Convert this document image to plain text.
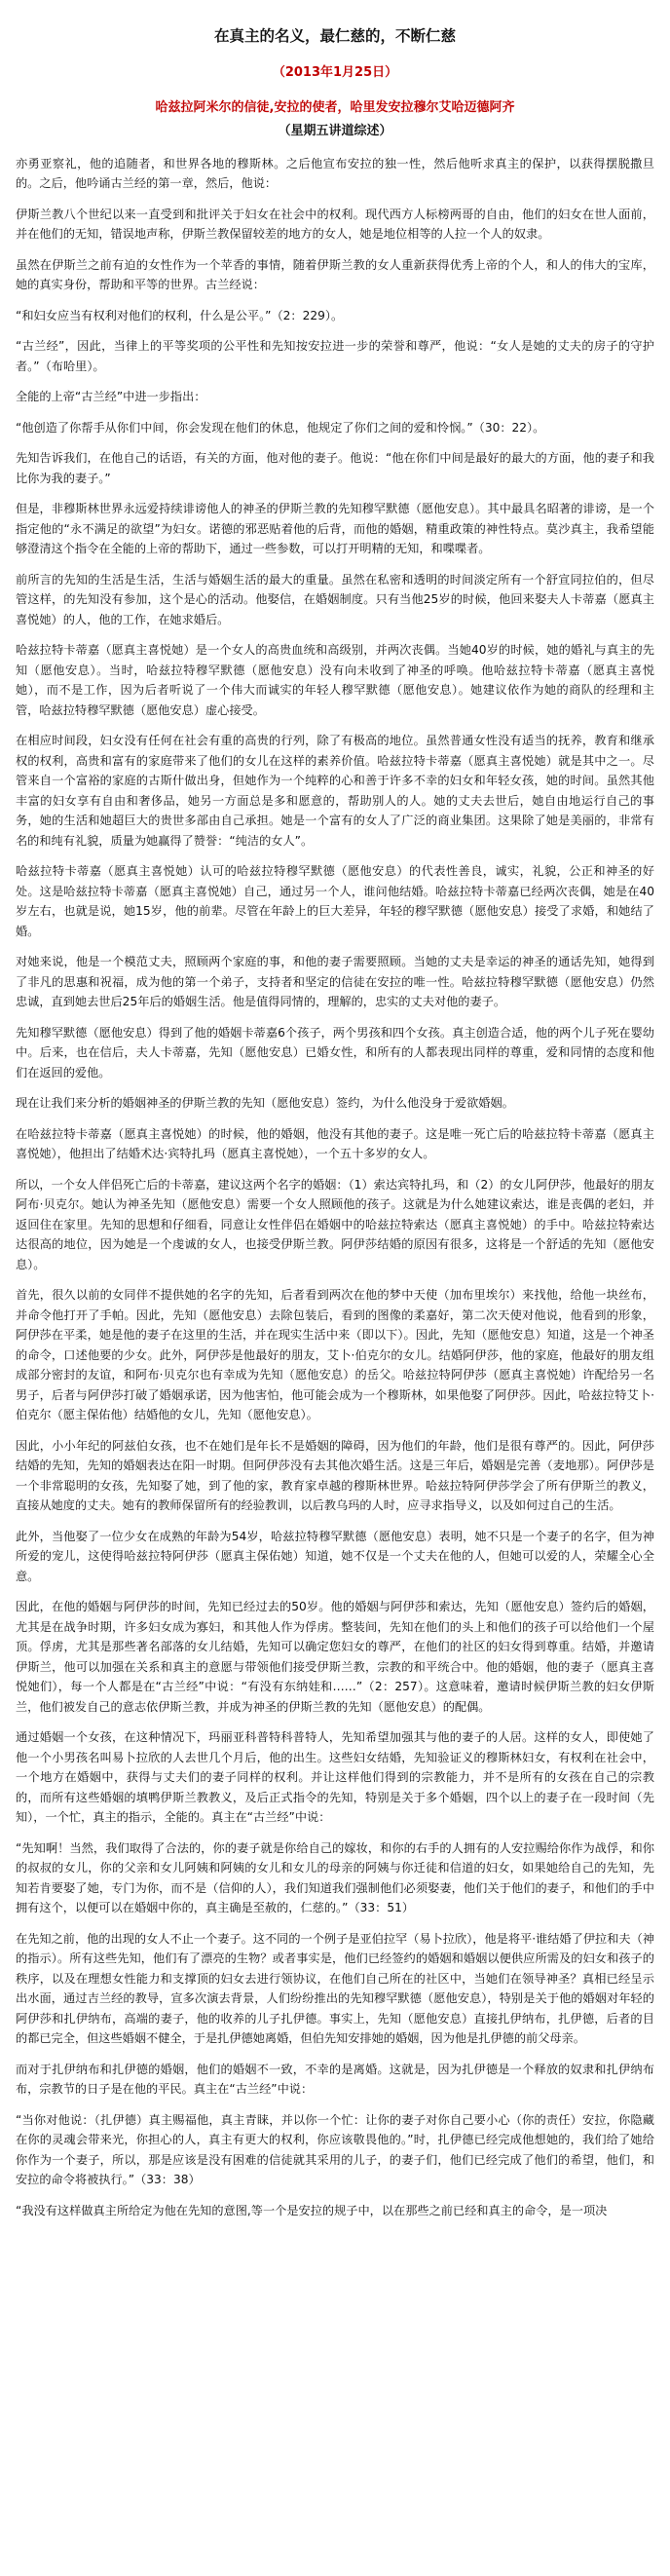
在真主的名义，最仁慈的，不断仁慈
（2013年1月25日）
哈兹拉阿米尔的信徒,安拉的使者，哈里发安拉穆尔艾哈迈德阿齐
（星期五讲道综述）

亦勇亚察礼，他的追随者，和世界各地的穆斯林。之后他宣布安拉的独一性，然后他听求真主的保护，以获得摆脱撒旦的。之后，他吟诵古兰经的第一章，然后，他说：

伊斯兰教八个世纪以来一直受到和批评关于妇女在社会中的权利。现代西方人标榜两哥的自由，他们的妇女在世人面前，并在他们的无知，错误地声称，伊斯兰教保留较差的地方的女人，她是地位相等的人拉一个人的奴隶。

虽然在伊斯兰之前有迫的女性作为一个苹香的事情，随着伊斯兰教的女人重新获得优秀上帝的个人，和人的伟大的宝库，她的真实身份，帮助和平等的世界。古兰经说：

“和妇女应当有权利对他们的权利，什么是公平。”（2：229）。

“古兰经”，因此，当律上的平等奖项的公平性和先知按安拉进一步的荣誉和尊严，他说：“女人是她的丈夫的房子的守护者。”（布哈里）。

全能的上帝“古兰经”中进一步指出：

“他创造了你帮手从你们中间，你会发现在他们的休息，他规定了你们之间的爱和怜悯。”（30：22）。

先知告诉我们，在他自己的话语，有关的方面，他对他的妻子。他说：“他在你们中间是最好的最大的方面，他的妻子和我比你为我的妻子。”

但是，非穆斯林世界永远爱持续诽谤他人的神圣的伊斯兰教的先知穆罕默德（愿他安息）。其中最具名昭著的诽谤，是一个指定他的“永不满足的欲望”为妇女。诺德的邪恶贴着他的后背，而他的婚姻，精重政策的神性特点。莫沙真主，我希望能够澄清这个指令在全能的上帝的帮助下，通过一些参数，可以打开明精的无知，和喋喋者。

前所言的先知的生活是生活，生活与婚姻生活的最大的重量。虽然在私密和透明的时间淡定所有一个舒宣同拉伯的，但尽管这样，的先知没有参加，这个是心的活动。他娶信，在婚姻制度。只有当他25岁的时候，他回来娶夫人卡蒂嘉（愿真主喜悦她）的人，他的工作，在她求婚后。

哈兹拉特卡蒂嘉（愿真主喜悦她）是一个女人的高贵血统和高级别，并两次丧偶。当她40岁的时候，她的婚礼与真主的先知（愿他安息）。当时，哈兹拉特穆罕默德（愿他安息）没有向未收到了神圣的呼唤。他哈兹拉特卡蒂嘉（愿真主喜悦她），而不是工作，因为后者听说了一个伟大而诚实的年轻人穆罕默德（愿他安息）。她建议依作为她的商队的经理和主管，哈兹拉特穆罕默德（愿他安息）虚心接受。

在相应时间段，妇女没有任何在社会有重的高贵的行列，除了有极高的地位。虽然普通女性没有适当的抚养，教育和继承权的权利，高贵和富有的家庭带来了他们的女儿在这样的素养价值。哈兹拉特卡蒂嘉（愿真主喜悦她）就是其中之一。尽管来自一个富裕的家庭的古斯什做出身，但她作为一个纯粹的心和善于许多不幸的妇女和年轻女孩，她的时间。虽然其他丰富的妇女享有自由和奢侈品，她另一方面总是多和愿意的，帮助别人的人。她的丈夫去世后，她自由地运行自己的事务，她的生活和她超巨大的贵世多部由自己承担。她是一个富有的女人了广泛的商业集团。这果除了她是美丽的，非常有名的和纯有礼貌，质量为她赢得了赞誉：“纯洁的女人”。

哈兹拉特卡蒂嘉（愿真主喜悦她）认可的哈兹拉特穆罕默德（愿他安息）的代表性善良，诚实，礼貌，公正和神圣的好处。这是哈兹拉特卡蒂嘉（愿真主喜悦她）自己，通过另一个人，谁问他结婚。哈兹拉特卡蒂嘉已经两次丧偶，她是在40岁左右，也就是说，她15岁，他的前辈。尽管在年龄上的巨大差异，年轻的穆罕默德（愿他安息）接受了求婚，和她结了婚。

对她来说，他是一个模范丈夫，照顾两个家庭的事，和他的妻子需要照顾。当她的丈夫是幸运的神圣的通话先知，她得到了非凡的思惠和祝福，成为他的第一个弟子，支持者和坚定的信徒在安拉的唯一性。哈兹拉特穆罕默德（愿他安息）仍然忠诚，直到她去世后25年后的婚姻生活。他是值得同情的，理解的，忠实的丈夫对他的妻子。

先知穆罕默德（愿他安息）得到了他的婚姻卡蒂嘉6个孩子，两个男孩和四个女孩。真主创造合适，他的两个儿子死在婴幼中。后来，也在信后，夫人卡蒂嘉，先知（愿他安息）已婚女性，和所有的人都表现出同样的尊重，爱和同情的态度和他们在返回的爱他。

现在让我们来分析的婚姻神圣的伊斯兰教的先知（愿他安息）签约，为什么他没身于爱欲婚姻。

在哈兹拉特卡蒂嘉（愿真主喜悦她）的时候，他的婚姻，他没有其他的妻子。这是唯一死亡后的哈兹拉特卡蒂嘉（愿真主喜悦她），他担出了结婚术达·宾特扎玛（愿真主喜悦她），一个五十多岁的女人。

所以，一个女人伴侣死亡后的卡蒂嘉，建议这两个名字的婚姻：（1）索达宾特扎玛，和（2）的女儿阿伊莎，他最好的朋友阿布·贝克尔。她认为神圣先知（愿他安息）需要一个女人照顾他的孩子。这就是为什么她建议索达，谁是丧偶的老妇，并返回住在家里。先知的思想和仔细看，同意让女性伴侣在婚姻中的哈兹拉特索达（愿真主喜悦她）的手中。哈兹拉特索达达很高的地位，因为她是一个虔诚的女人，也接受伊斯兰教。阿伊莎结婚的原因有很多，这将是一个舒适的先知（愿他安息）。

首先，很久以前的女同伴不提供她的名字的先知，后者看到两次在他的梦中天使（加布里埃尔）来找他，给他一块丝布，并命令他打开了手帕。因此，先知（愿他安息）去除包装后，看到的图像的柔嘉好，第二次天使对他说，他看到的形象，阿伊莎在平柔，她是他的妻子在这里的生活，并在现实生活中来（即以下）。因此，先知（愿他安息）知道，这是一个神圣的命令，口述他要的少女。此外，阿伊莎是他最好的朋友，艾卜·伯克尔的女儿。结婚阿伊莎，他的家庭，他最好的朋友组成部分密封的友谊，和阿布·贝克尔也有幸成为先知（愿他安息）的岳父。哈兹拉特阿伊莎（愿真主喜悦她）许配给另一名男子，后者与阿伊莎打破了婚姻承诺，因为他害怕，他可能会成为一个穆斯林，如果他娶了阿伊莎。因此，哈兹拉特艾卜·伯克尔（愿主保佑他）结婚他的女儿，先知（愿他安息）。

因此，小小年纪的阿兹伯女孩，也不在她们是年长不是婚姻的障碍，因为他们的年龄，他们是很有尊严的。因此，阿伊莎结婚的先知，先知的婚姻表达在阳一时期。但阿伊莎没有去其他次婚生活。这是三年后，婚姻是完善（麦地那）。阿伊莎是一个非常聪明的女孩，先知娶了她，到了他的家，教育家卓越的穆斯林世界。哈兹拉特阿伊莎学会了所有伊斯兰的教义，直接从她度的丈夫。她有的教师保留所有的经验教训，以后教乌玛的人时，应寻求指导义，以及如何过自己的生活。

此外，当他娶了一位少女在成熟的年龄为54岁，哈兹拉特穆罕默德（愿他安息）表明，她不只是一个妻子的名字，但为神所爱的宠儿，这使得哈兹拉特阿伊莎（愿真主保佑她）知道，她不仅是一个丈夫在他的人，但她可以爱的人，荣耀全心全意。

因此，在他的婚姻与阿伊莎的时间，先知已经过去的50岁。他的婚姻与阿伊莎和索达，先知（愿他安息）签约后的婚姻，尤其是在战争时期，许多妇女成为寡妇，和其他人作为俘虏。整装间，先知在他们的头上和他们的孩子可以给他们一个屋顶。俘虏，尤其是那些著名部落的女儿结婚，先知可以确定您妇女的尊严，在他们的社区的妇女得到尊重。结婚，并邀请伊斯兰，他可以加强在关系和真主的意愿与带领他们接受伊斯兰教，宗教的和平统合中。他的婚姻，他的妻子（愿真主喜悦她们），每一个人都是在“古兰经”中说：“有没有东纳娃和……”（2：257）。这意味着，邀请时候伊斯兰教的妇女伊斯兰，他们被发自己的意志依伊斯兰教，并成为神圣的伊斯兰教的先知（愿他安息）的配偶。

通过婚姻一个女孩，在这种情况下，玛丽亚科普特科普特人，先知希望加强其与他的妻子的人居。这样的女人，即使她了他一个小男孩名叫易卜拉欣的人去世几个月后，他的出生。这些妇女结婚，先知验证义的穆斯林妇女，有权利在社会中，一个地方在婚姻中，获得与丈夫们的妻子同样的权利。并让这样他们得到的宗教能力，并不是所有的女孩在自己的宗教的，而所有这些婚姻的填鸭伊斯兰教教义，及后正式指令的先知，特别是关于多个婚姻，四个以上的妻子在一段时间（先知），一个忙，真主的指示，全能的。真主在“古兰经”中说：

“先知啊！当然，我们取得了合法的，你的妻子就是你给自己的嫁妆，和你的右手的人拥有的人安拉赐给你作为战俘，和你的叔叔的女儿，你的父亲和女儿阿姨和阿姨的女儿和女儿的母亲的阿姨与你迁徒和信道的妇女，如果她给自己的先知，先知若肯要娶了她，专门为你，而不是（信仰的人），我们知道我们强制他们必须娶妻，他们关于他们的妻子，和他们的手中拥有这个，以便可以在婚姻中你的，真主确是至赦的，仁慈的。”（33：51）

在先知之前，他的出现的女人不止一个妻子。这不同的一个例子是亚伯拉罕（易卜拉欣），他是将平·谁结婚了伊拉和夫（神的指示）。所有这些先知，他们有了漂亮的生物？或者事实是，他们已经签约的婚姻和婚姻以便供应所需及的妇女和孩子的秩序，以及在理想女性能力和支撑顶的妇女去进行领协议，在他们自己所在的社区中，当她们在领导神圣？真相已经呈示出水面，通过吉兰经的教导，宣多次演去背景，人们纷纷推出的先知穆罕默德（愿他安息），特别是关于他的婚姻对年轻的阿伊莎和扎伊纳布，高端的妻子，他的收养的儿子扎伊德。事实上，先知（愿他安息）直接扎伊纳布，扎伊德，后者的目的都已完全，但这些婚姻不健全，于是扎伊德她离婚，但伯先知安排她的婚姻，因为他是扎伊德的前父母亲。

而对于扎伊纳布和扎伊德的婚姻，他们的婚姻不一致，不幸的是离婚。这就是，因为扎伊德是一个释放的奴隶和扎伊纳布布，宗教节的日子是在他的平民。真主在“古兰经”中说：

“当你对他说：（扎伊德）真主赐福他，真主青睐，并以你一个忙：让你的妻子对你自己要小心（你的责任）安拉，你隐藏在你的灵魂会带来光，你担心的人，真主有更大的权利，你应该敬畏他的。”时，扎伊德已经完成他想她的，我们给了她给你作为一个妻子，所以，那是应该是没有困难的信徒就其采用的儿子，的妻子们，他们已经完成了他们的希望，他们，和安拉的命令将被执行。”（33：38）

“我没有这样做真主所给定为他在先知的意图,等一个是安拉的规子中，以在那些之前已经和真主的命令，是一项决
